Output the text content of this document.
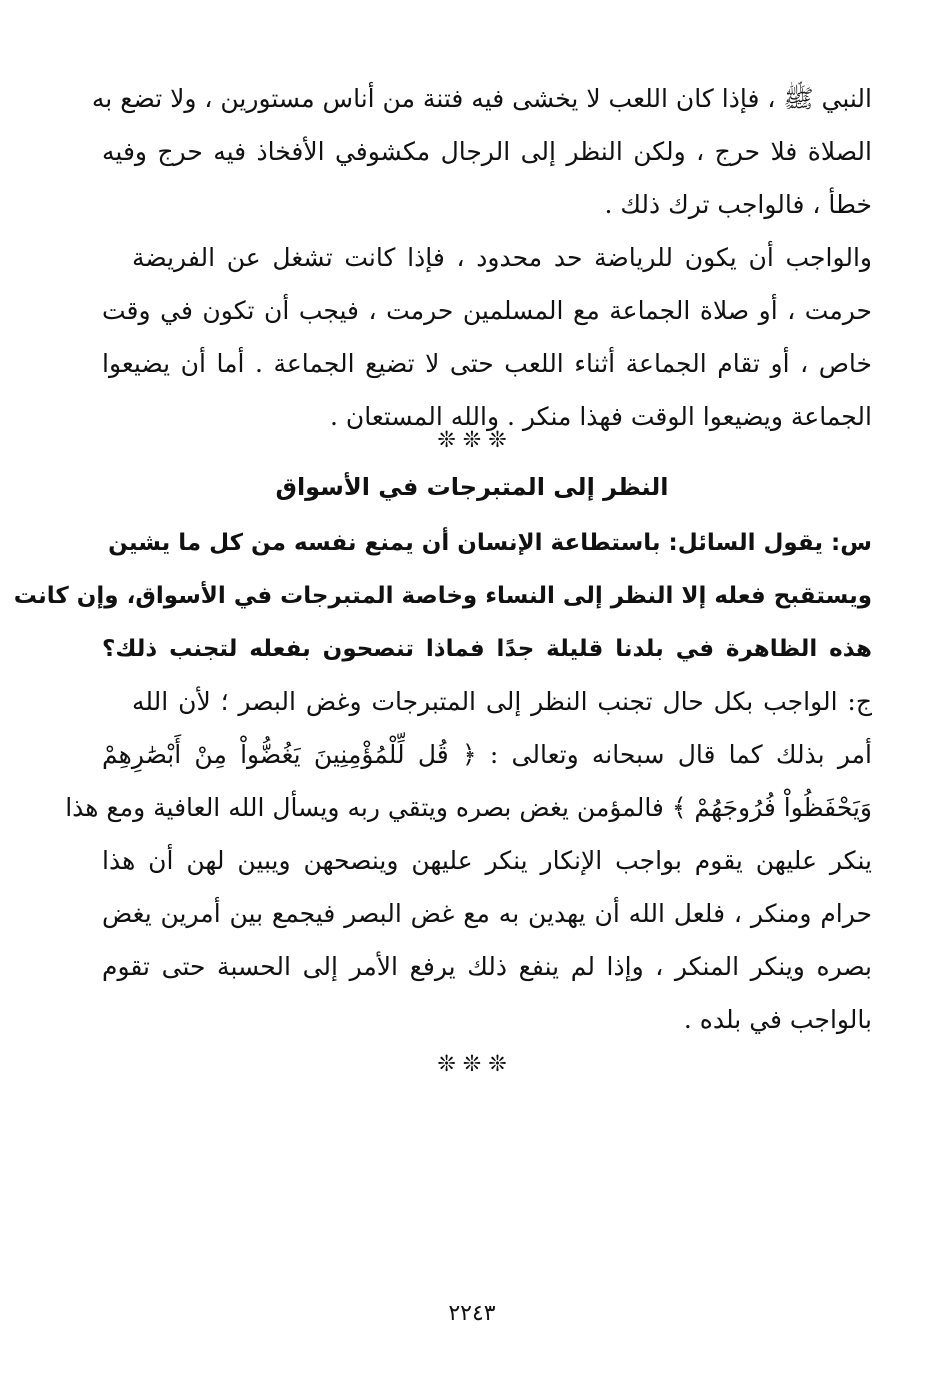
النبي ﷺ ، فإذا كان اللعب لا يخشى فيه فتنة من أناس مستورين ، ولا تضع به
الصلاة فلا حرج ، ولكن النظر إلى الرجال مكشوفي الأفخاذ فيه حرج وفيه
خطأ ، فالواجب ترك ذلك .
والواجب أن يكون للرياضة حد محدود ، فإذا كانت تشغل عن الفريضة
حرمت ، أو صلاة الجماعة مع المسلمين حرمت ، فيجب أن تكون في وقت
خاص ، أو تقام الجماعة أثناء اللعب حتى لا تضيع الجماعة . أما أن يضيعوا
الجماعة ويضيعوا الوقت فهذا منكر . والله المستعان .
❊ ❊ ❊
النظر إلى المتبرجات في الأسواق
س: يقول السائل: باستطاعة الإنسان أن يمنع نفسه من كل ما يشين
ويستقبح فعله إلا النظر إلى النساء وخاصة المتبرجات في الأسواق، وإن كانت
هذه الظاهرة في بلدنا قليلة جدًا فماذا تنصحون بفعله لتجنب ذلك؟
ج: الواجب بكل حال تجنب النظر إلى المتبرجات وغض البصر ؛ لأن الله
أمر بذلك كما قال سبحانه وتعالى : ﴿ قُل لِّلْمُؤْمِنِينَ يَغُضُّواْ مِنْ أَبْصَٰرِهِمْ
وَيَحْفَظُواْ فُرُوجَهُمْ ﴾ فالمؤمن يغض بصره ويتقي ربه ويسأل الله العافية ومع هذا
ينكر عليهن يقوم بواجب الإنكار ينكر عليهن وينصحهن ويبين لهن أن هذا
حرام ومنكر ، فلعل الله أن يهدين به مع غض البصر فيجمع بين أمرين يغض
بصره وينكر المنكر ، وإذا لم ينفع ذلك يرفع الأمر إلى الحسبة حتى تقوم
بالواجب في بلده .
❊ ❊ ❊
٢٢٤٣
